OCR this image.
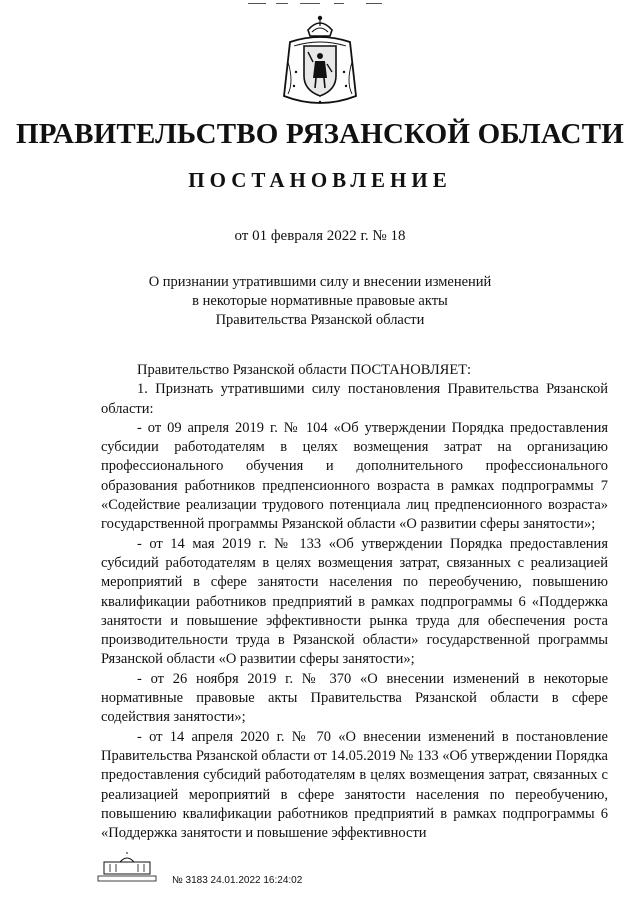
ПРАВИТЕЛЬСТВО РЯЗАНСКОЙ ОБЛАСТИ
ПОСТАНОВЛЕНИЕ
от 01 февраля 2022 г. № 18
О признании утратившими силу и внесении изменений
в некоторые нормативные правовые акты
Правительства Рязанской области

Правительство Рязанской области ПОСТАНОВЛЯЕТ:

1. Признать утратившими силу постановления Правительства Рязанской области:

- от 09 апреля 2019 г. № 104 «Об утверждении Порядка предоставления субсидии работодателям в целях возмещения затрат на организацию профессионального обучения и дополнительного профессионального образования работников предпенсионного возраста в рамках подпрограммы 7 «Содействие реализации трудового потенциала лиц предпенсионного возраста» государственной программы Рязанской области «О развитии сферы занятости»;

- от 14 мая 2019 г. № 133 «Об утверждении Порядка предоставления субсидий работодателям в целях возмещения затрат, связанных с реализацией мероприятий в сфере занятости населения по переобучению, повышению квалификации работников предприятий в рамках подпрограммы 6 «Поддержка занятости и повышение эффективности рынка труда для обеспечения роста производительности труда в Рязанской области» государственной программы Рязанской области «О развитии сферы занятости»;

- от 26 ноября 2019 г. № 370 «О внесении изменений в некоторые нормативные правовые акты Правительства Рязанской области в сфере содействия занятости»;

- от 14 апреля 2020 г. № 70 «О внесении изменений в постановление Правительства Рязанской области от 14.05.2019 № 133 «Об утверждении Порядка предоставления субсидий работодателям в целях возмещения затрат, связанных с реализацией мероприятий в сфере занятости населения по переобучению, повышению квалификации работников предприятий в рамках подпрограммы 6 «Поддержка занятости и повышение эффективности

№ 3183 24.01.2022 16:24:02
